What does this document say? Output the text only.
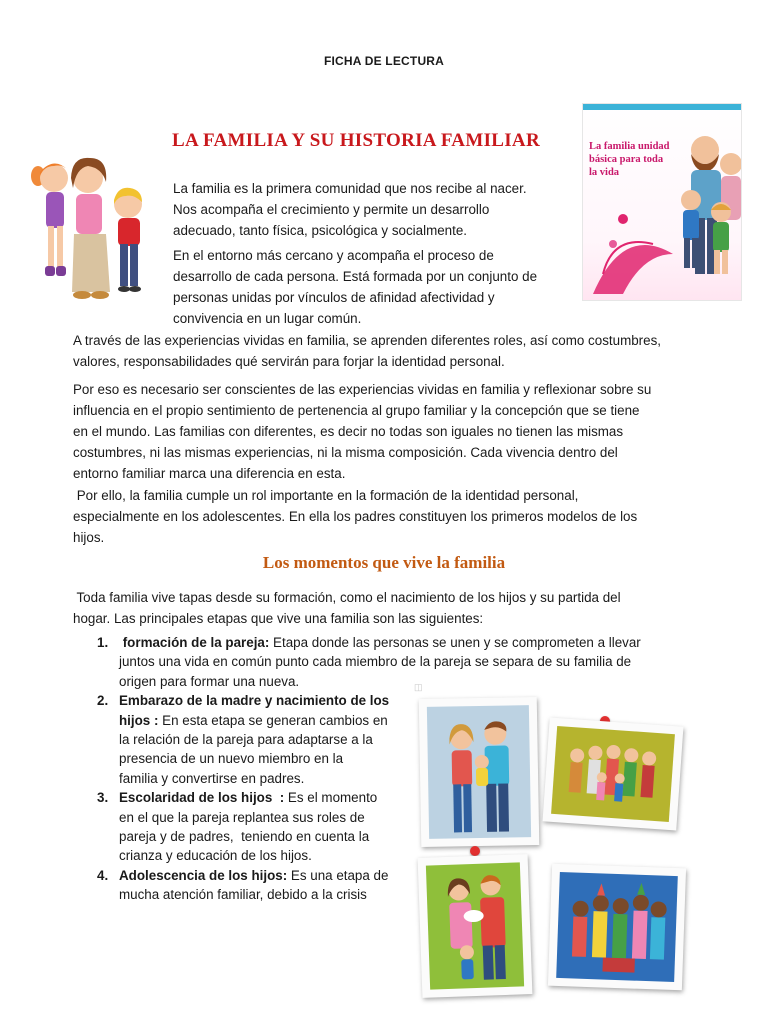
FICHA DE LECTURA
LA FAMILIA Y SU HISTORIA FAMILIAR
La familia es la primera comunidad que nos recibe al nacer.
Nos acompaña el crecimiento y permite un desarrollo
adecuado, tanto física, psicológica y socialmente.
En el entorno más cercano y acompaña el proceso de
desarrollo de cada persona. Está formada por un conjunto de
personas unidas por vínculos de afinidad afectividad y
convivencia en un lugar común.
La familia unidad
básica para toda
la vida
A través de las experiencias vividas en familia, se aprenden diferentes roles, así como costumbres,
valores, responsabilidades qué servirán para forjar la identidad personal.
Por eso es necesario ser conscientes de las experiencias vividas en familia y reflexionar sobre su
influencia en el propio sentimiento de pertenencia al grupo familiar y la concepción que se tiene
en el mundo. Las familias con diferentes, es decir no todas son iguales no tienen las mismas
costumbres, ni las mismas experiencias, ni la misma composición. Cada vivencia dentro del
entorno familiar marca una diferencia en esta.
Por ello, la familia cumple un rol importante en la formación de la identidad personal,
especialmente en los adolescentes. En ella los padres constituyen los primeros modelos de los
hijos.
Los momentos que vive la familia
Toda familia vive tapas desde su formación, como el nacimiento de los hijos y su partida del
hogar. Las principales etapas que vive una familia son las siguientes:
1. formación de la pareja: Etapa donde las personas se unen y se comprometen a llevar
juntos una vida en común punto cada miembro de la pareja se separa de su familia de
origen para formar una nueva.
2. Embarazo de la madre y nacimiento de los
hijos : En esta etapa se generan cambios en
la relación de la pareja para adaptarse a la
presencia de un nuevo miembro en la
familia y convertirse en padres.
3. Escolaridad de los hijos  : Es el momento
en el que la pareja replantea sus roles de
pareja y de padres,  teniendo en cuenta la
crianza y educación de los hijos.
4. Adolescencia de los hijos: Es una etapa de
mucha atención familiar, debido a la crisis
◫
